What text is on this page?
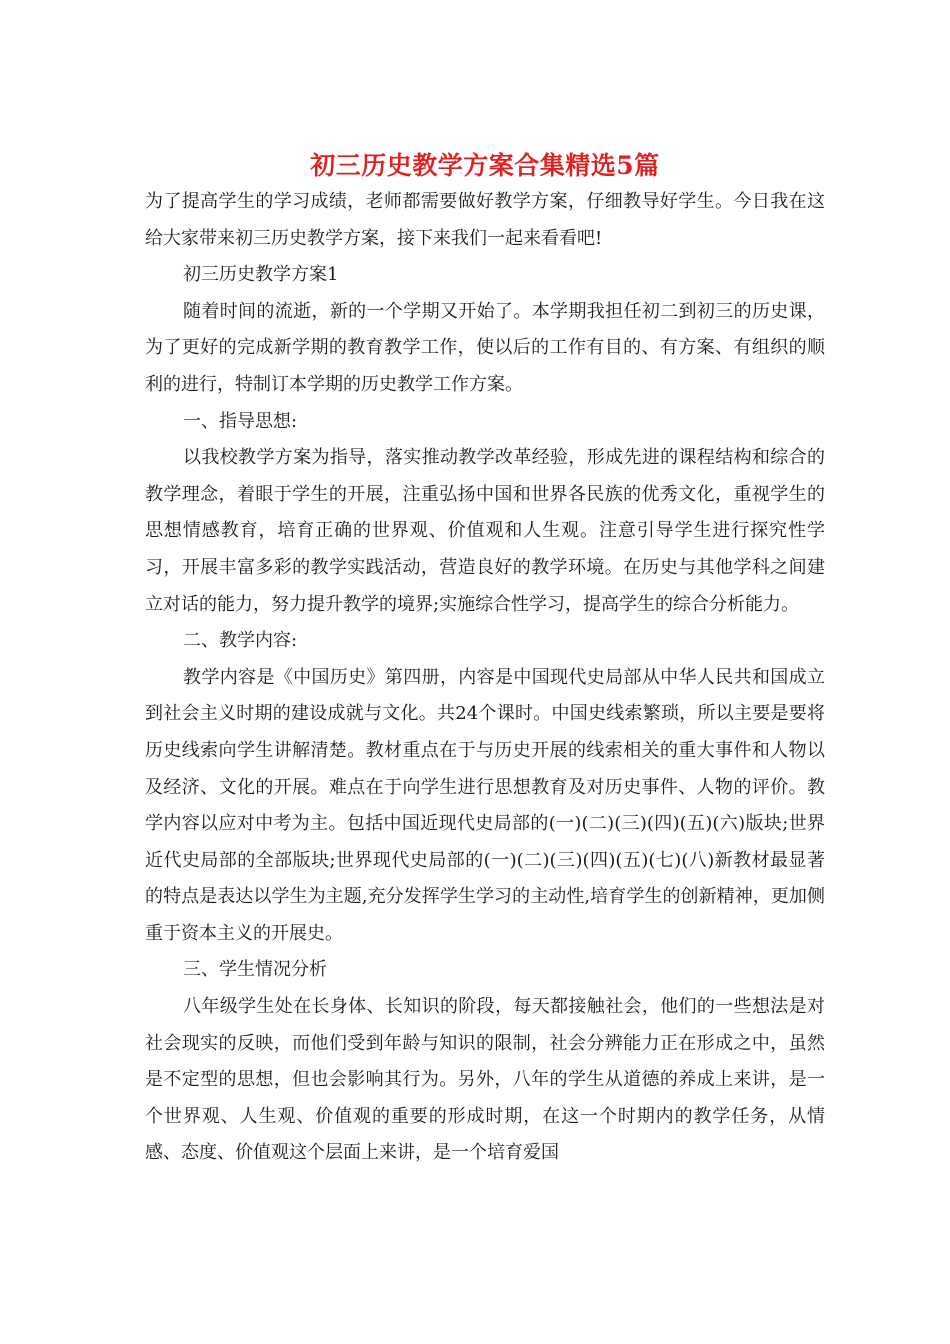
初三历史教学方案合集精选5篇

为了提高学生的学习成绩，老师都需要做好教学方案，仔细教导好学生。今日我在这给大家带来初三历史教学方案，接下来我们一起来看看吧!

初三历史教学方案1

随着时间的流逝，新的一个学期又开始了。本学期我担任初二到初三的历史课，为了更好的完成新学期的教育教学工作，使以后的工作有目的、有方案、有组织的顺利的进行，特制订本学期的历史教学工作方案。

一、指导思想:

以我校教学方案为指导，落实推动教学改革经验，形成先进的课程结构和综合的教学理念，着眼于学生的开展，注重弘扬中国和世界各民族的优秀文化，重视学生的思想情感教育，培育正确的世界观、价值观和人生观。注意引导学生进行探究性学习，开展丰富多彩的教学实践活动，营造良好的教学环境。在历史与其他学科之间建立对话的能力，努力提升教学的境界;实施综合性学习，提高学生的综合分析能力。

二、教学内容:

教学内容是《中国历史》第四册，内容是中国现代史局部从中华人民共和国成立到社会主义时期的建设成就与文化。共24个课时。中国史线索繁琐，所以主要是要将历史线索向学生讲解清楚。教材重点在于与历史开展的线索相关的重大事件和人物以及经济、文化的开展。难点在于向学生进行思想教育及对历史事件、人物的评价。教学内容以应对中考为主。包括中国近现代史局部的(一)(二)(三)(四)(五)(六)版块;世界近代史局部的全部版块;世界现代史局部的(一)(二)(三)(四)(五)(七)(八)新教材最显著的特点是表达以学生为主题,充分发挥学生学习的主动性,培育学生的创新精神，更加侧重于资本主义的开展史。

三、学生情况分析

八年级学生处在长身体、长知识的阶段，每天都接触社会，他们的一些想法是对社会现实的反映，而他们受到年龄与知识的限制，社会分辨能力正在形成之中，虽然是不定型的思想，但也会影响其行为。另外，八年的学生从道德的养成上来讲，是一个世界观、人生观、价值观的重要的形成时期，在这一个时期内的教学任务，从情感、态度、价值观这个层面上来讲，是一个培育爱国
